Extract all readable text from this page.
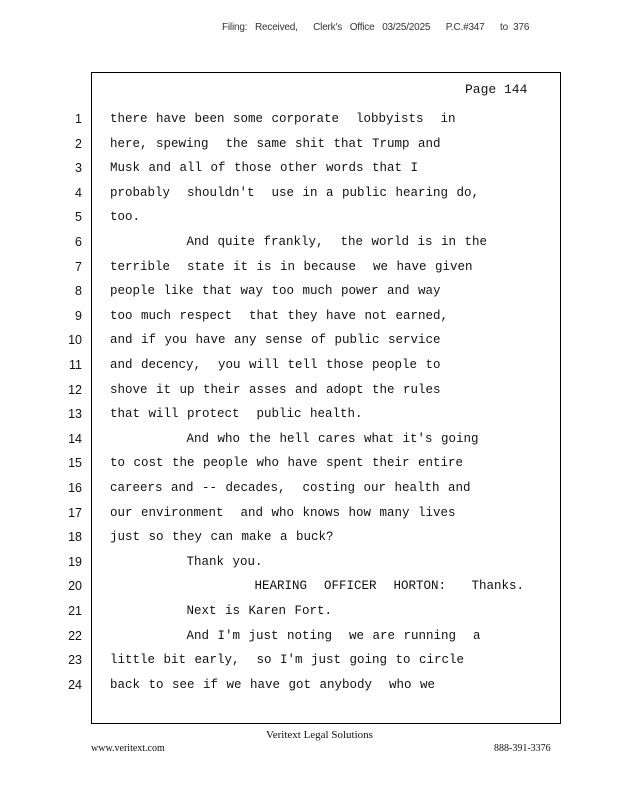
Filing:   Received,      Clerk's   Office   03/25/2025      P.C.#347      to  376
Page 144
1 there have been some corporate  lobbyists  in
2 here, spewing  the same shit that Trump and
3 Musk and all of those other words that I
4 probably  shouldn't  use in a public hearing do,
5 too.
6 And quite frankly,  the world is in the
7 terrible  state it is in because  we have given
8 people like that way too much power and way
9 too much respect  that they have not earned,
10 and if you have any sense of public service
11 and decency,  you will tell those people to
12 shove it up their asses and adopt the rules
13 that will protect  public health.
14 And who the hell cares what it's going
15 to cost the people who have spent their entire
16 careers and -- decades,  costing our health and
17 our environment  and who knows how many lives
18 just so they can make a buck?
19 Thank you.
20 HEARING  OFFICER  HORTON:   Thanks.
21 Next is Karen Fort.
22 And I'm just noting  we are running  a
23 little bit early,  so I'm just going to circle
24 back to see if we have got anybody  who we
Veritext Legal Solutions
www.veritext.com	888-391-3376
